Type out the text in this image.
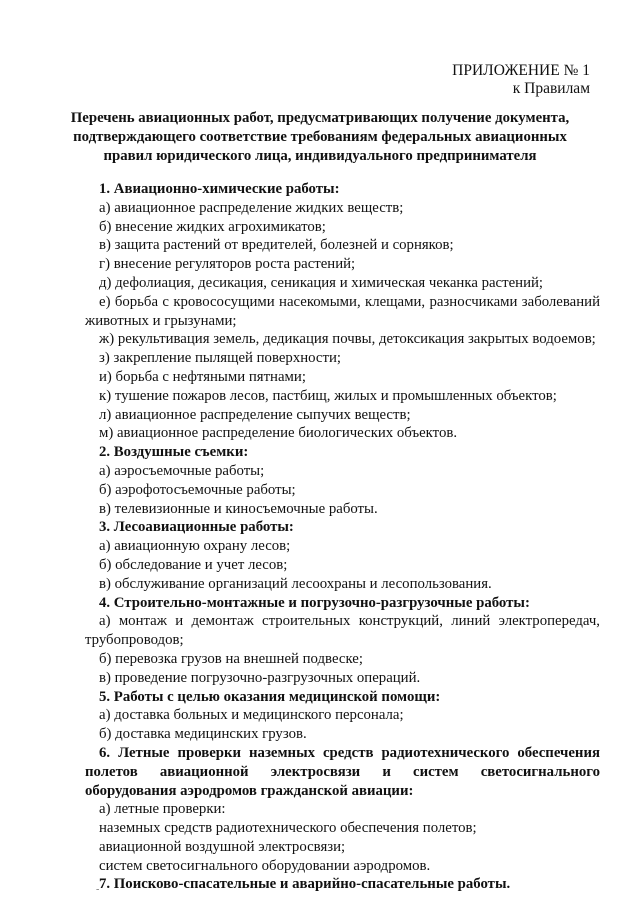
ПРИЛОЖЕНИЕ № 1
к Правилам
Перечень авиационных работ, предусматривающих получение документа, подтверждающего соответствие требованиям федеральных авиационных правил юридического лица, индивидуального предпринимателя

1. Авиационно-химические работы:

а) авиационное распределение жидких веществ;

б) внесение жидких агрохимикатов;

в) защита растений от вредителей, болезней и сорняков;

г) внесение регуляторов роста растений;

д) дефолиация, десикация, сеникация и химическая чеканка растений;

е) борьба с кровососущими насекомыми, клещами, разносчиками заболеваний животных и грызунами;

ж) рекультивация земель, дедикация почвы, детоксикация закрытых водоемов;

з) закрепление пылящей поверхности;

и) борьба с нефтяными пятнами;

к) тушение пожаров лесов, пастбищ, жилых и промышленных объектов;

л) авиационное распределение сыпучих веществ;

м) авиационное распределение биологических объектов.

2. Воздушные съемки:

а) аэросъемочные работы;

б) аэрофотосъемочные работы;

в) телевизионные и киносъемочные работы.

3. Лесоавиационные работы:

а) авиационную охрану лесов;

б) обследование и учет лесов;

в) обслуживание организаций лесоохраны и лесопользования.

4. Строительно-монтажные и погрузочно-разгрузочные работы:

а) монтаж и демонтаж строительных конструкций, линий электропередач, трубопроводов;

б) перевозка грузов на внешней подвеске;

в) проведение погрузочно-разгрузочных операций.

5. Работы с целью оказания медицинской помощи:

а) доставка больных и медицинского персонала;

б) доставка медицинских грузов.

6. Летные проверки наземных средств радиотехнического обеспечения полетов авиационной электросвязи и систем светосигнального оборудования аэродромов гражданской авиации:

а) летные проверки:

наземных средств радиотехнического обеспечения полетов;

авиационной воздушной электросвязи;

систем светосигнального оборудовании аэродромов.

7. Поисково-спасательные и аварийно-спасательные работы.

-
